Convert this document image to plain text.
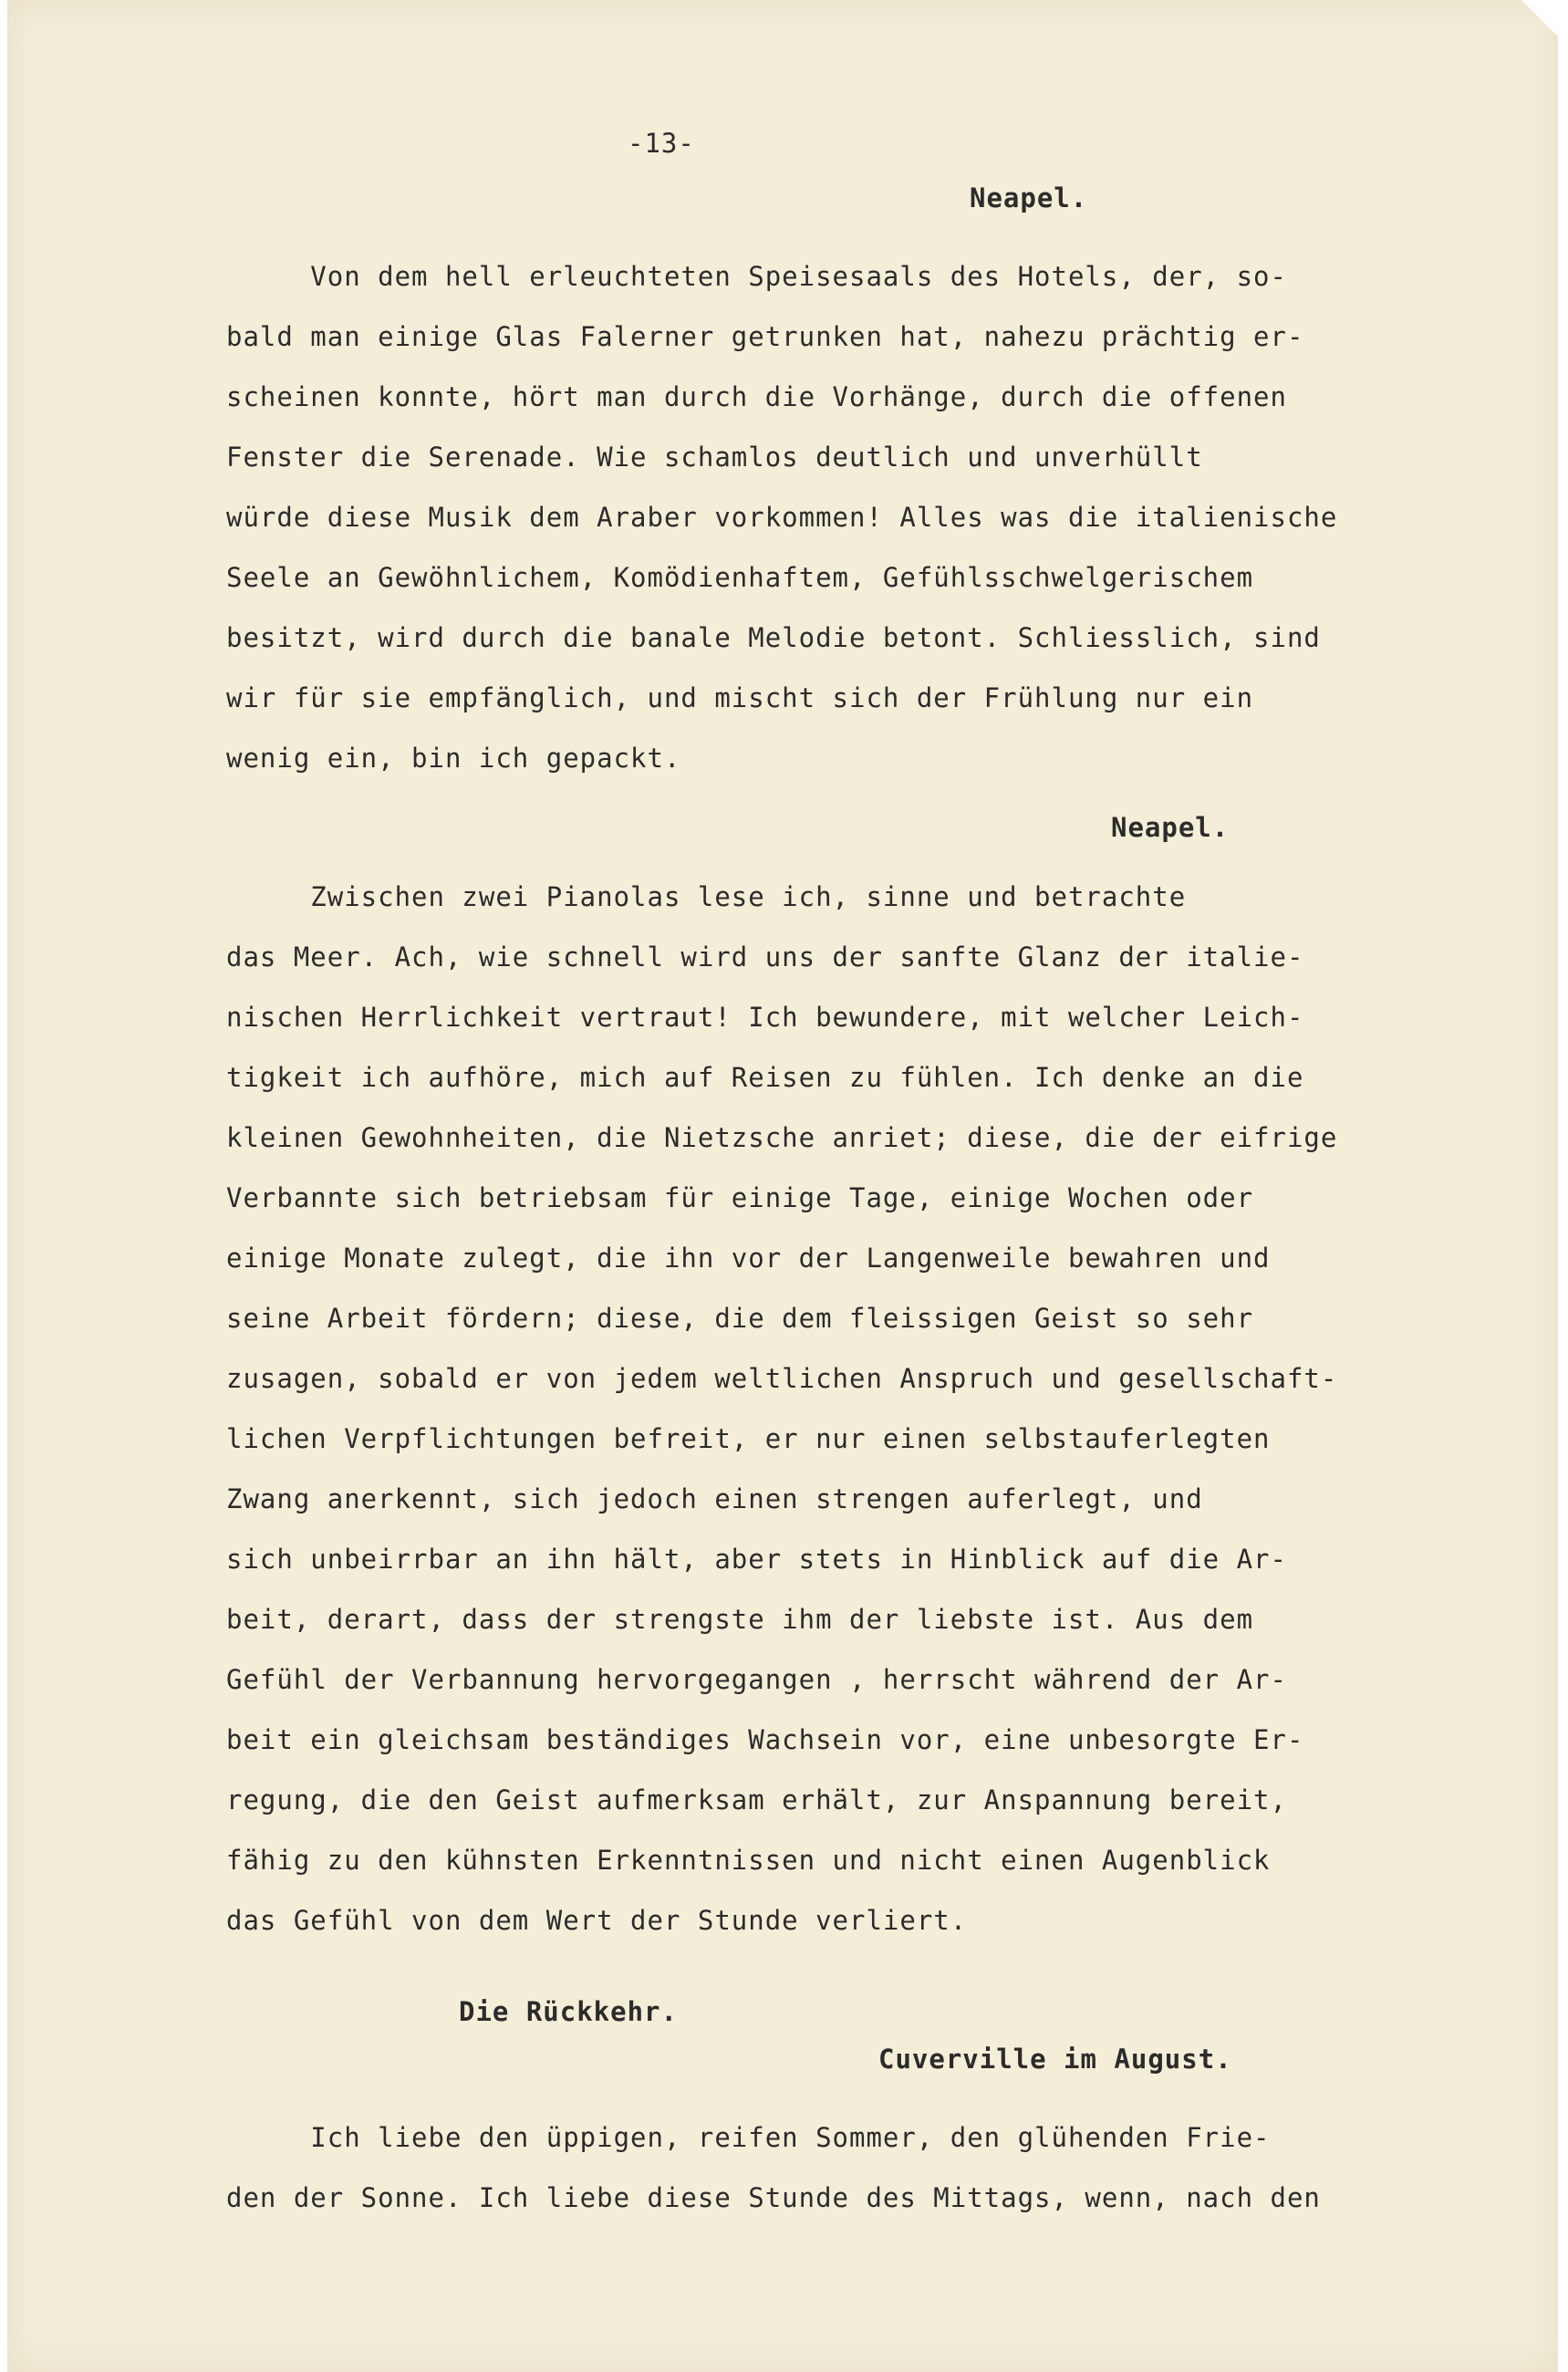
-13-
Neapel.
Von dem hell erleuchteten Speisesaals des Hotels, der, so-
bald man einige Glas Falerner getrunken hat, nahezu prächtig er-
scheinen konnte, hört man durch die Vorhänge, durch die offenen
Fenster die Serenade. Wie schamlos deutlich und unverhüllt
würde diese Musik dem Araber vorkommen! Alles was die italienische
Seele an Gewöhnlichem, Komödienhaftem, Gefühlsschwelgerischem
besitzt, wird durch die banale Melodie betont. Schliesslich, sind
wir für sie empfänglich, und mischt sich der Frühlung nur ein
wenig ein, bin ich gepackt.
Neapel.
Zwischen zwei Pianolas lese ich, sinne und betrachte
das Meer. Ach, wie schnell wird uns der sanfte Glanz der italie-
nischen Herrlichkeit vertraut! Ich bewundere, mit welcher Leich-
tigkeit ich aufhöre, mich auf Reisen zu fühlen. Ich denke an die
kleinen Gewohnheiten, die Nietzsche anriet; diese, die der eifrige
Verbannte sich betriebsam für einige Tage, einige Wochen oder
einige Monate zulegt, die ihn vor der Langenweile bewahren und
seine Arbeit fördern; diese, die dem fleissigen Geist so sehr
zusagen, sobald er von jedem weltlichen Anspruch und gesellschaft-
lichen Verpflichtungen befreit, er nur einen selbstauferlegten
Zwang anerkennt, sich jedoch einen strengen auferlegt, und
sich unbeirrbar an ihn hält, aber stets in Hinblick auf die Ar-
beit, derart, dass der strengste ihm der liebste ist. Aus dem
Gefühl der Verbannung hervorgegangen , herrscht während der Ar-
beit ein gleichsam beständiges Wachsein vor, eine unbesorgte Er-
regung, die den Geist aufmerksam erhält, zur Anspannung bereit,
fähig zu den kühnsten Erkenntnissen und nicht einen Augenblick
das Gefühl von dem Wert der Stunde verliert.
Die Rückkehr.
Cuverville im August.
Ich liebe den üppigen, reifen Sommer, den glühenden Frie-
den der Sonne. Ich liebe diese Stunde des Mittags, wenn, nach den
